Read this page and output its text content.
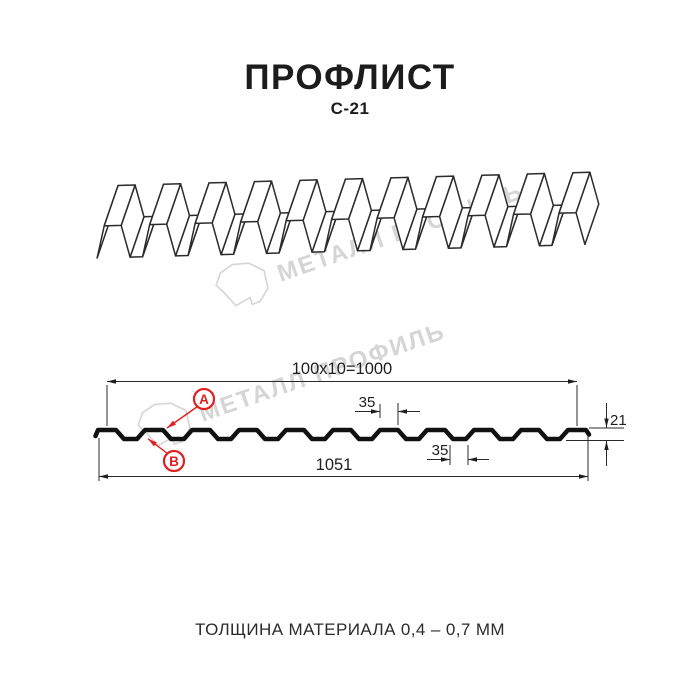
ПРОФЛИСТ
С-21
100x10=1000
1051
35
35
21
А
В
ТОЛЩИНА МАТЕРИАЛА 0,4 – 0,7 ММ
